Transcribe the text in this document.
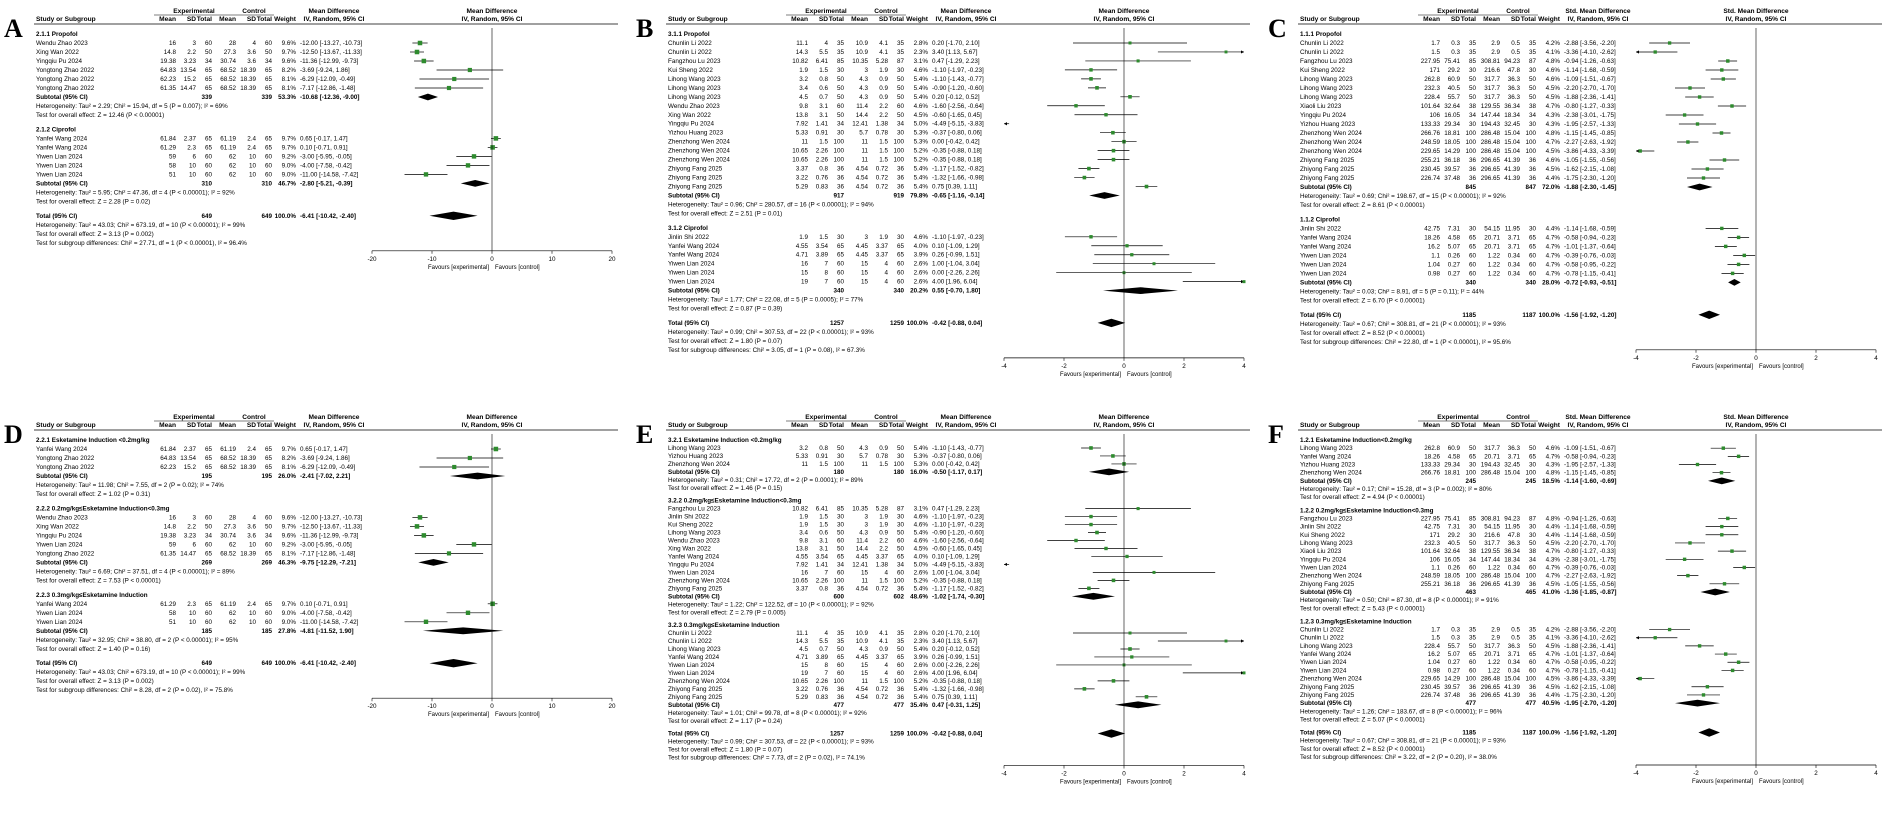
A
Experimental	Control	Mean Difference	Mean Difference
Study or Subgroup	Mean SD Total Mean SD Total Weight IV, Random, 95% CI	IV, Random, 95% CI
2.1.1 Propofol
Wendu Zhao 2023	16	3 60	28	4 60 9.6% -12.00 [-13.27, -10.73]
Xing Wan 2022	14.8 2.2 50 27.3 3.6 50 9.7% -12.50 [-13.67, -11.33]
Yingqiu Pu 2024	19.38 3.23 34 30.74 3.6 34 9.6% -11.36 [-12.99, -9.73]
Yongtong Zhao 2022	64.83 13.54 65 68.52 18.39 65 8.2% -3.69 [-9.24, 1.86]
Yongtong Zhao 2022	62.23 15.2 65 68.52 18.39 65 8.1% -6.29 [-12.09, -0.49]
Yongtong Zhao 2022	61.35 14.47 65 68.52 18.39 65 8.1% -7.17 [-12.86, -1.48]
Subtotal (95% CI)	339	339 53.3% -10.68 [-12.36, -9.00]
Heterogeneity: Tau² = 2.29; Chi² = 15.94, df = 5 (P = 0.007); I² = 69%
Test for overall effect: Z = 12.46 (P < 0.00001)
2.1.2 Ciprofol
Yanfei Wang 2024	61.84 2.37 65 61.19 2.4 65 9.7% 0.65 [-0.17, 1.47]
Yanfei Wang 2024	61.29 2.3 65 61.19 2.4 65 9.7% 0.10 [-0.71, 0.91]
Yiwen Lian 2024	59	6 60	62 10 60 9.2% -3.00 [-5.95, -0.05]
Yiwen Lian 2024	58 10 60	62 10 60 9.0% -4.00 [-7.58, -0.42]
Yiwen Lian 2024	51 10 60	62 10 60 9.0% -11.00 [-14.58, -7.42]
Subtotal (95% CI)	310	310 46.7% -2.80 [-5.21, -0.39]
Heterogeneity: Tau² = 5.95; Chi² = 47.36, df = 4 (P < 0.00001); I² = 92%
Test for overall effect: Z = 2.28 (P = 0.02)
Total (95% CI)	649	649 100.0% -6.41 [-10.42, -2.40]
Heterogeneity: Tau² = 43.03; Chi² = 673.19, df = 10 (P < 0.00001); I² = 99%
Test for overall effect: Z = 3.13 (P = 0.002)
Test for subgroup differences: Chi² = 27.71, df = 1 (P < 0.00001), I² = 96.4%
-20	-10	0	10	20
Favours [experimental] Favours [control]
B
Experimental	Control	Mean Difference	Mean Difference
Study or Subgroup	Mean SD Total Mean SD Total Weight IV, Random, 95% CI	IV, Random, 95% CI
3.1.1 Propofol
Chunlin Li 2022	11.1	4 35 10.9 4.1 35 2.8% 0.20 [-1.70, 2.10]
Chunlin Li 2022	14.3 5.5 35 10.9 4.1 35 2.3% 3.40 [1.13, 5.67]
Fangzhou Lu 2023	10.82 6.41 85 10.35 5.28 87 3.1% 0.47 [-1.29, 2.23]
Kui Sheng 2022	1.9 1.5 30	3 1.9 30 4.6% -1.10 [-1.97, -0.23]
Lihong Wang 2023	3.2 0.8 50 4.3 0.9 50 5.4% -1.10 [-1.43, -0.77]
Lihong Wang 2023	3.4 0.6 50 4.3 0.9 50 5.4% -0.90 [-1.20, -0.60]
Lihong Wang 2023	4.5 0.7 50 4.3 0.9 50 5.4% 0.20 [-0.12, 0.52]
Wendu Zhao 2023	9.8 3.1 60 11.4 2.2 60 4.6% -1.60 [-2.56, -0.64]
Xing Wan 2022	13.8 3.1 50 14.4 2.2 50 4.5% -0.60 [-1.65, 0.45]
Yingqiu Pu 2024	7.92 1.41 34 12.41 1.38 34 5.0% -4.49 [-5.15, -3.83]
Yizhou Huang 2023	5.33 0.91 30 5.7 0.78 30 5.3% -0.37 [-0.80, 0.06]
Zhenzhong Wen 2024	11 1.5 100	11 1.5 100 5.3% 0.00 [-0.42, 0.42]
Zhenzhong Wen 2024	10.65 2.26 100	11 1.5 100 5.2% -0.35 [-0.88, 0.18]
Zhenzhong Wen 2024	10.65 2.26 100	11 1.5 100 5.2% -0.35 [-0.88, 0.18]
Zhiyong Fang 2025	3.37 0.8 36 4.54 0.72 36 5.4% -1.17 [-1.52, -0.82]
Zhiyong Fang 2025	3.22 0.76 36 4.54 0.72 36 5.4% -1.32 [-1.66, -0.98]
Zhiyong Fang 2025	5.29 0.83 36 4.54 0.72 36 5.4% 0.75 [0.39, 1.11]
Subtotal (95% CI)	917	919 79.8% -0.65 [-1.16, -0.14]
Heterogeneity: Tau² = 0.96; Chi² = 280.57, df = 16 (P < 0.00001); I² = 94%
Test for overall effect: Z = 2.51 (P = 0.01)
3.1.2 Ciprofol
Jinlin Shi 2022	1.9 1.5 30	3 1.9 30 4.6% -1.10 [-1.97, -0.23]
Yanfei Wang 2024	4.55 3.54 65 4.45 3.37 65 4.0% 0.10 [-1.09, 1.29]
Yanfei Wang 2024	4.71 3.89 65 4.45 3.37 65 3.9% 0.26 [-0.99, 1.51]
Yiwen Lian 2024	16	7 60	15	4 60 2.6% 1.00 [-1.04, 3.04]
Yiwen Lian 2024	15	8 60	15	4 60 2.6% 0.00 [-2.26, 2.26]
Yiwen Lian 2024	19	7 60	15	4 60 2.6% 4.00 [1.96, 6.04]
Subtotal (95% CI)	340	340 20.2% 0.55 [-0.70, 1.80]
Heterogeneity: Tau² = 1.77; Chi² = 22.08, df = 5 (P = 0.0005); I² = 77%
Test for overall effect: Z = 0.87 (P = 0.39)
Total (95% CI)	1257	1259 100.0% -0.42 [-0.88, 0.04]
Heterogeneity: Tau² = 0.99; Chi² = 307.53, df = 22 (P < 0.00001); I² = 93%
Test for overall effect: Z = 1.80 (P = 0.07)
Test for subgroup differences: Chi² = 3.05, df = 1 (P = 0.08), I² = 67.3%
-4	-2	0	2	4
Favours [experimental] Favours [control]
C
Experimental	Control	Std. Mean Difference	Std. Mean Difference
Study or Subgroup	Mean SD Total Mean SD Total Weight IV, Random, 95% CI	IV, Random, 95% CI
1.1.1 Propofol
Chunlin Li 2022	1.7 0.3 35 2.9 0.5 35 4.2% -2.88 [-3.56, -2.20]
Chunlin Li 2022	1.5 0.3 35 2.9 0.5 35 4.1% -3.36 [-4.10, -2.62]
Fangzhou Lu 2023	227.95 75.41 85 308.81 94.23 87 4.8% -0.94 [-1.26, -0.63]
Kui Sheng 2022	171 29.2 30 216.6 47.8 30 4.6% -1.14 [-1.68, -0.59]
Lihong Wang 2023	262.8 60.9 50 317.7 36.3 50 4.6% -1.09 [-1.51, -0.67]
Lihong Wang 2023	232.3 40.5 50 317.7 36.3 50 4.5% -2.20 [-2.70, -1.70]
Lihong Wang 2023	228.4 55.7 50 317.7 36.3 50 4.5% -1.88 [-2.36, -1.41]
Xiaoli Liu 2023	101.64 32.64 38 129.55 36.34 38 4.7% -0.80 [-1.27, -0.33]
Yingqiu Pu 2024	106 16.05 34 147.44 18.34 34 4.3% -2.38 [-3.01, -1.75]
Yizhou Huang 2023	133.33 29.34 30 194.43 32.45 30 4.3% -1.95 [-2.57, -1.33]
Zhenzhong Wen 2024	266.76 18.81 100 286.48 15.04 100 4.8% -1.15 [-1.45, -0.85]
Zhenzhong Wen 2024	248.59 18.05 100 286.48 15.04 100 4.7% -2.27 [-2.63, -1.92]
Zhenzhong Wen 2024	229.65 14.29 100 286.48 15.04 100 4.5% -3.86 [-4.33, -3.39]
Zhiyong Fang 2025	255.21 36.18 36 296.65 41.39 36 4.6% -1.05 [-1.55, -0.56]
Zhiyong Fang 2025	230.45 39.57 36 296.65 41.39 36 4.5% -1.62 [-2.15, -1.08]
Zhiyong Fang 2025	226.74 37.48 36 296.65 41.39 36 4.4% -1.75 [-2.30, -1.20]
Subtotal (95% CI)	845	847 72.0% -1.88 [-2.30, -1.45]
Heterogeneity: Tau² = 0.69; Chi² = 198.67, df = 15 (P < 0.00001); I² = 92%
Test for overall effect: Z = 8.61 (P < 0.00001)
1.1.2 Ciprofol
Jinlin Shi 2022	42.75 7.31 30 54.15 11.95 30 4.4% -1.14 [-1.68, -0.59]
Yanfei Wang 2024	18.26 4.58 65 20.71 3.71 65 4.7% -0.58 [-0.94, -0.23]
Yanfei Wang 2024	16.2 5.07 65 20.71 3.71 65 4.7% -1.01 [-1.37, -0.64]
Yiwen Lian 2024	1.1 0.26 60 1.22 0.34 60 4.7% -0.39 [-0.76, -0.03]
Yiwen Lian 2024	1.04 0.27 60 1.22 0.34 60 4.7% -0.58 [-0.95, -0.22]
Yiwen Lian 2024	0.98 0.27 60 1.22 0.34 60 4.7% -0.78 [-1.15, -0.41]
Subtotal (95% CI)	340	340 28.0% -0.72 [-0.93, -0.51]
Heterogeneity: Tau² = 0.03; Chi² = 8.91, df = 5 (P = 0.11); I² = 44%
Test for overall effect: Z = 6.70 (P < 0.00001)
Total (95% CI)	1185	1187 100.0% -1.56 [-1.92, -1.20]
Heterogeneity: Tau² = 0.67; Chi² = 308.81, df = 21 (P < 0.00001); I² = 93%
Test for overall effect: Z = 8.52 (P < 0.00001)
Test for subgroup differences: Chi² = 22.80, df = 1 (P < 0.00001), I² = 95.6%
-4	-2	0	2	4
Favours [experimental] Favours [control]
D
Experimental	Control	Mean Difference	Mean Difference
Study or Subgroup	Mean SD Total Mean SD Total Weight IV, Random, 95% CI	IV, Random, 95% CI
2.2.1 Esketamine Induction <0.2mg/kg
Yanfei Wang 2024	61.84 2.37 65 61.19 2.4 65 9.7% 0.65 [-0.17, 1.47]
Yongtong Zhao 2022	64.83 13.54 65 68.52 18.39 65 8.2% -3.69 [-9.24, 1.86]
Yongtong Zhao 2022	62.23 15.2 65 68.52 18.39 65 8.1% -6.29 [-12.09, -0.49]
Subtotal (95% CI)	195	195 26.0% -2.41 [-7.02, 2.21]
Heterogeneity: Tau² = 11.98; Chi² = 7.55, df = 2 (P = 0.02); I² = 74%
Test for overall effect: Z = 1.02 (P = 0.31)
2.2.2 0.2mg/kg≤Esketamine Induction<0.3mg
Wendu Zhao 2023	16	3 60	28	4 60 9.6% -12.00 [-13.27, -10.73]
Xing Wan 2022	14.8 2.2 50 27.3 3.6 50 9.7% -12.50 [-13.67, -11.33]
Yingqiu Pu 2024	19.38 3.23 34 30.74 3.6 34 9.6% -11.36 [-12.99, -9.73]
Yiwen Lian 2024	59	6 60	62 10 60 9.2% -3.00 [-5.95, -0.05]
Yongtong Zhao 2022	61.35 14.47 65 68.52 18.39 65 8.1% -7.17 [-12.86, -1.48]
Subtotal (95% CI)	269	269 46.3% -9.75 [-12.29, -7.21]
Heterogeneity: Tau² = 6.69; Chi² = 37.51, df = 4 (P < 0.00001); I² = 89%
Test for overall effect: Z = 7.53 (P < 0.00001)
2.2.3 0.3mg/kg≤Esketamine Induction
Yanfei Wang 2024	61.29 2.3 65 61.19 2.4 65 9.7% 0.10 [-0.71, 0.91]
Yiwen Lian 2024	58 10 60	62 10 60 9.0% -4.00 [-7.58, -0.42]
Yiwen Lian 2024	51 10 60	62 10 60 9.0% -11.00 [-14.58, -7.42]
Subtotal (95% CI)	185	185 27.8% -4.81 [-11.52, 1.90]
Heterogeneity: Tau² = 32.95; Chi² = 38.80, df = 2 (P < 0.00001); I² = 95%
Test for overall effect: Z = 1.40 (P = 0.16)
Total (95% CI)	649	649 100.0% -6.41 [-10.42, -2.40]
Heterogeneity: Tau² = 43.03; Chi² = 673.19, df = 10 (P < 0.00001); I² = 99%
Test for overall effect: Z = 3.13 (P = 0.002)
Test for subgroup differences: Chi² = 8.28, df = 2 (P = 0.02), I² = 75.8%
-20	-10	0	10	20
Favours [experimental] Favours [control]
E
Experimental	Control	Mean Difference	Mean Difference
Study or Subgroup	Mean SD Total Mean SD Total Weight IV, Random, 95% CI	IV, Random, 95% CI
3.2.1 Esketamine Induction <0.2mg/kg
Lihong Wang 2023	3.2 0.8 50 4.3 0.9 50 5.4% -1.10 [-1.43, -0.77]
Yizhou Huang 2023	5.33 0.91 30 5.7 0.78 30 5.3% -0.37 [-0.80, 0.06]
Zhenzhong Wen 2024	11 1.5 100	11 1.5 100 5.3% 0.00 [-0.42, 0.42]
Subtotal (95% CI)	180	180 16.0% -0.50 [-1.17, 0.17]
Heterogeneity: Tau² = 0.31; Chi² = 17.72, df = 2 (P = 0.0001); I² = 89%
Test for overall effect: Z = 1.46 (P = 0.15)
3.2.2 0.2mg/kg≤Esketamine Induction<0.3mg
Fangzhou Lu 2023	10.82 6.41 85 10.35 5.28 87 3.1% 0.47 [-1.29, 2.23]
Jinlin Shi 2022	1.9 1.5 30	3 1.9 30 4.6% -1.10 [-1.97, -0.23]
Kui Sheng 2022	1.9 1.5 30	3 1.9 30 4.6% -1.10 [-1.97, -0.23]
Lihong Wang 2023	3.4 0.6 50 4.3 0.9 50 5.4% -0.90 [-1.20, -0.60]
Wendu Zhao 2023	9.8 3.1 60 11.4 2.2 60 4.6% -1.60 [-2.56, -0.64]
Xing Wan 2022	13.8 3.1 50 14.4 2.2 50 4.5% -0.60 [-1.65, 0.45]
Yanfei Wang 2024	4.55 3.54 65 4.45 3.37 65 4.0% 0.10 [-1.09, 1.29]
Yingqiu Pu 2024	7.92 1.41 34 12.41 1.38 34 5.0% -4.49 [-5.15, -3.83]
Yiwen Lian 2024	16	7 60	15	4 60 2.6% 1.00 [-1.04, 3.04]
Zhenzhong Wen 2024	10.65 2.26 100	11 1.5 100 5.2% -0.35 [-0.88, 0.18]
Zhiyong Fang 2025	3.37 0.8 36 4.54 0.72 36 5.4% -1.17 [-1.52, -0.82]
Subtotal (95% CI)	600	602 48.6% -1.02 [-1.74, -0.30]
Heterogeneity: Tau² = 1.22; Chi² = 122.52, df = 10 (P < 0.00001); I² = 92%
Test for overall effect: Z = 2.79 (P = 0.005)
3.2.3 0.3mg/kg≤Esketamine Induction
Chunlin Li 2022	11.1	4 35 10.9 4.1 35 2.8% 0.20 [-1.70, 2.10]
Chunlin Li 2022	14.3 5.5 35 10.9 4.1 35 2.3% 3.40 [1.13, 5.67]
Lihong Wang 2023	4.5 0.7 50 4.3 0.9 50 5.4% 0.20 [-0.12, 0.52]
Yanfei Wang 2024	4.71 3.89 65 4.45 3.37 65 3.9% 0.26 [-0.99, 1.51]
Yiwen Lian 2024	15	8 60	15	4 60 2.6% 0.00 [-2.26, 2.26]
Yiwen Lian 2024	19	7 60	15	4 60 2.6% 4.00 [1.96, 6.04]
Zhenzhong Wen 2024	10.65 2.26 100	11 1.5 100 5.2% -0.35 [-0.88, 0.18]
Zhiyong Fang 2025	3.22 0.76 36 4.54 0.72 36 5.4% -1.32 [-1.66, -0.98]
Zhiyong Fang 2025	5.29 0.83 36 4.54 0.72 36 5.4% 0.75 [0.39, 1.11]
Subtotal (95% CI)	477	477 35.4% 0.47 [-0.31, 1.25]
Heterogeneity: Tau² = 1.01; Chi² = 99.78, df = 8 (P < 0.00001); I² = 92%
Test for overall effect: Z = 1.17 (P = 0.24)
Total (95% CI)	1257	1259 100.0% -0.42 [-0.88, 0.04]
Heterogeneity: Tau² = 0.99; Chi² = 307.53, df = 22 (P < 0.00001); I² = 93%
Test for overall effect: Z = 1.80 (P = 0.07)
Test for subgroup differences: Chi² = 7.73, df = 2 (P = 0.02), I² = 74.1%
-4	-2	0	2	4
Favours [experimental] Favours [control]
F
Experimental	Control	Std. Mean Difference	Std. Mean Difference
Study or Subgroup	Mean SD Total Mean SD Total Weight IV, Random, 95% CI	IV, Random, 95% CI
1.2.1 Esketamine Induction<0.2mg/kg
Lihong Wang 2023	262.8 60.9 50 317.7 36.3 50 4.6% -1.09 [-1.51, -0.67]
Yanfei Wang 2024	18.26 4.58 65 20.71 3.71 65 4.7% -0.58 [-0.94, -0.23]
Yizhou Huang 2023	133.33 29.34 30 194.43 32.45 30 4.3% -1.95 [-2.57, -1.33]
Zhenzhong Wen 2024	266.76 18.81 100 286.48 15.04 100 4.8% -1.15 [-1.45, -0.85]
Subtotal (95% CI)	245	245 18.5% -1.14 [-1.60, -0.69]
Heterogeneity: Tau² = 0.17; Chi² = 15.28, df = 3 (P = 0.002); I² = 80%
Test for overall effect: Z = 4.94 (P < 0.00001)
1.2.2 0.2mg/kg≤Esketamine Induction<0.3mg
Fangzhou Lu 2023	227.95 75.41 85 308.81 94.23 87 4.8% -0.94 [-1.26, -0.63]
Jinlin Shi 2022	42.75 7.31 30 54.15 11.95 30 4.4% -1.14 [-1.68, -0.59]
Kui Sheng 2022	171 29.2 30 216.6 47.8 30 4.4% -1.14 [-1.68, -0.59]
Lihong Wang 2023	232.3 40.5 50 317.7 36.3 50 4.5% -2.20 [-2.70, -1.70]
Xiaoli Liu 2023	101.64 32.64 38 129.55 36.34 38 4.7% -0.80 [-1.27, -0.33]
Yingqiu Pu 2024	106 16.05 34 147.44 18.34 34 4.3% -2.38 [-3.01, -1.75]
Yiwen Lian 2024	1.1 0.26 60 1.22 0.34 60 4.7% -0.39 [-0.76, -0.03]
Zhenzhong Wen 2024	248.59 18.05 100 286.48 15.04 100 4.7% -2.27 [-2.63, -1.92]
Zhiyong Fang 2025	255.21 36.18 36 296.65 41.39 36 4.5% -1.05 [-1.55, -0.56]
Subtotal (95% CI)	463	465 41.0% -1.36 [-1.85, -0.87]
Heterogeneity: Tau² = 0.50; Chi² = 87.30, df = 8 (P < 0.00001); I² = 91%
Test for overall effect: Z = 5.43 (P < 0.00001)
1.2.3 0.3mg/kg≤Esketamine Induction
Chunlin Li 2022	1.7 0.3 35 2.9 0.5 35 4.2% -2.88 [-3.56, -2.20]
Chunlin Li 2022	1.5 0.3 35 2.9 0.5 35 4.1% -3.36 [-4.10, -2.62]
Lihong Wang 2023	228.4 55.7 50 317.7 36.3 50 4.5% -1.88 [-2.36, -1.41]
Yanfei Wang 2024	16.2 5.07 65 20.71 3.71 65 4.7% -1.01 [-1.37, -0.64]
Yiwen Lian 2024	1.04 0.27 60 1.22 0.34 60 4.7% -0.58 [-0.95, -0.22]
Yiwen Lian 2024	0.98 0.27 60 1.22 0.34 60 4.7% -0.78 [-1.15, -0.41]
Zhenzhong Wen 2024	229.65 14.29 100 286.48 15.04 100 4.5% -3.86 [-4.33, -3.39]
Zhiyong Fang 2025	230.45 39.57 36 296.65 41.39 36 4.5% -1.62 [-2.15, -1.08]
Zhiyong Fang 2025	226.74 37.48 36 296.65 41.39 36 4.4% -1.75 [-2.30, -1.20]
Subtotal (95% CI)	477	477 40.5% -1.95 [-2.70, -1.20]
Heterogeneity: Tau² = 1.26; Chi² = 183.67, df = 8 (P < 0.00001); I² = 96%
Test for overall effect: Z = 5.07 (P < 0.00001)
Total (95% CI)	1185	1187 100.0% -1.56 [-1.92, -1.20]
Heterogeneity: Tau² = 0.67; Chi² = 308.81, df = 21 (P < 0.00001); I² = 93%
Test for overall effect: Z = 8.52 (P < 0.00001)
Test for subgroup differences: Chi² = 3.22, df = 2 (P = 0.20), I² = 38.0%
-4	-2	0	2	4
Favours [experimental] Favours [control]
